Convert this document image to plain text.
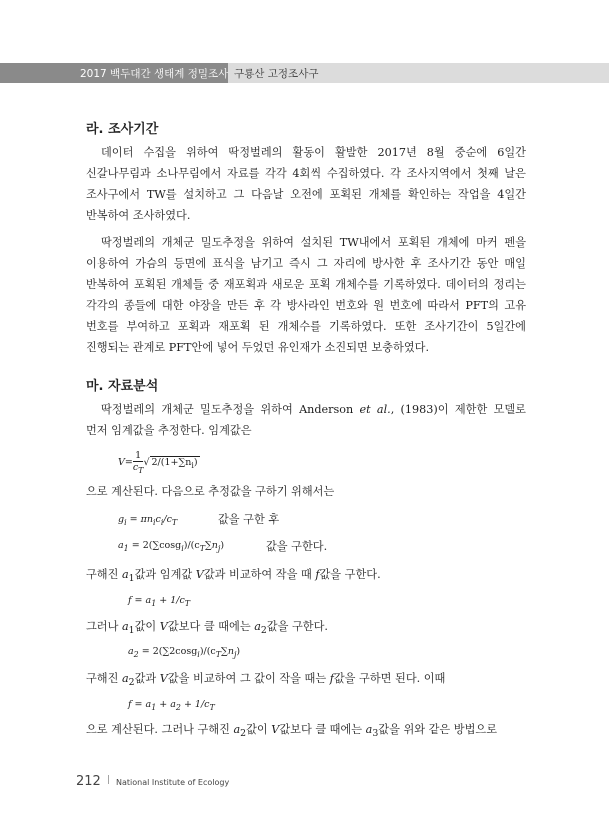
2017 백두대간 생태계 정밀조사 구룡산 고정조사구
라. 조사기간
데이터 수집을 위하여 딱정벌레의 활동이 활발한 2017년 8월 중순에 6일간
신갈나무림과 소나무림에서 자료를 각각 4회씩 수집하였다. 각 조사지역에서 첫째 날은
조사구에서 TW를 설치하고 그 다음날 오전에 포획된 개체를 확인하는 작업을 4일간
반복하여 조사하였다.
딱정벌레의 개체군 밀도추정을 위하여 설치된 TW내에서 포획된 개체에 마커 펜을
이용하여 가슴의 등면에 표식을 남기고 즉시 그 자리에 방사한 후 조사기간 동안 매일
반복하여 포획된 개체들 중 재포획과 새로운 포획 개체수를 기록하였다. 데이터의 정리는
각각의 종들에 대한 야장을 만든 후 각 방사라인 번호와 원 번호에 따라서 PFT의 고유
번호를 부여하고 포획과 재포획 된 개체수를 기록하였다. 또한 조사기간이 5일간에
진행되는 관계로 PFT안에 넣어 두었던 유인재가 소진되면 보충하였다.
마. 자료분석
딱정벌레의 개체군 밀도추정을 위하여 Anderson et al., (1983)이 제한한 모델로
먼저 임계값을 추정한다. 임계값은
$V= \frac{1}{c_T}$ √ $2/(1+\sum n_i)$
으로 계산된다. 다음으로 추정값을 구하기 위해서는
$g_i = \pi n_ic_i/c_T$	값을 구한 후
$a_1 = 2(\sum\cos g_i)/(c_T\sum n_j)$	값을 구한다.
구해진 $a_1$값과 임계값 V값과 비교하여 작을 때 f값을 구한다.
$f = a_1 + 1/c_T$
그러나 $a_1$값이 V값보다 클 때에는 $a_2$값을 구한다.
$a_2 = 2(\sum 2\cos g_i)/(c_T\sum n_j)$
구해진 $a_2$값과 V값을 비교하여 그 값이 작을 때는 f값을 구하면 된다. 이때
$f = a_1 + a_2 + 1/c_T$
으로 계산된다. 그러나 구해진 $a_2$값이 V값보다 클 때에는 $a_3$값을 위와 같은 방법으로
212 | National Institute of Ecology
